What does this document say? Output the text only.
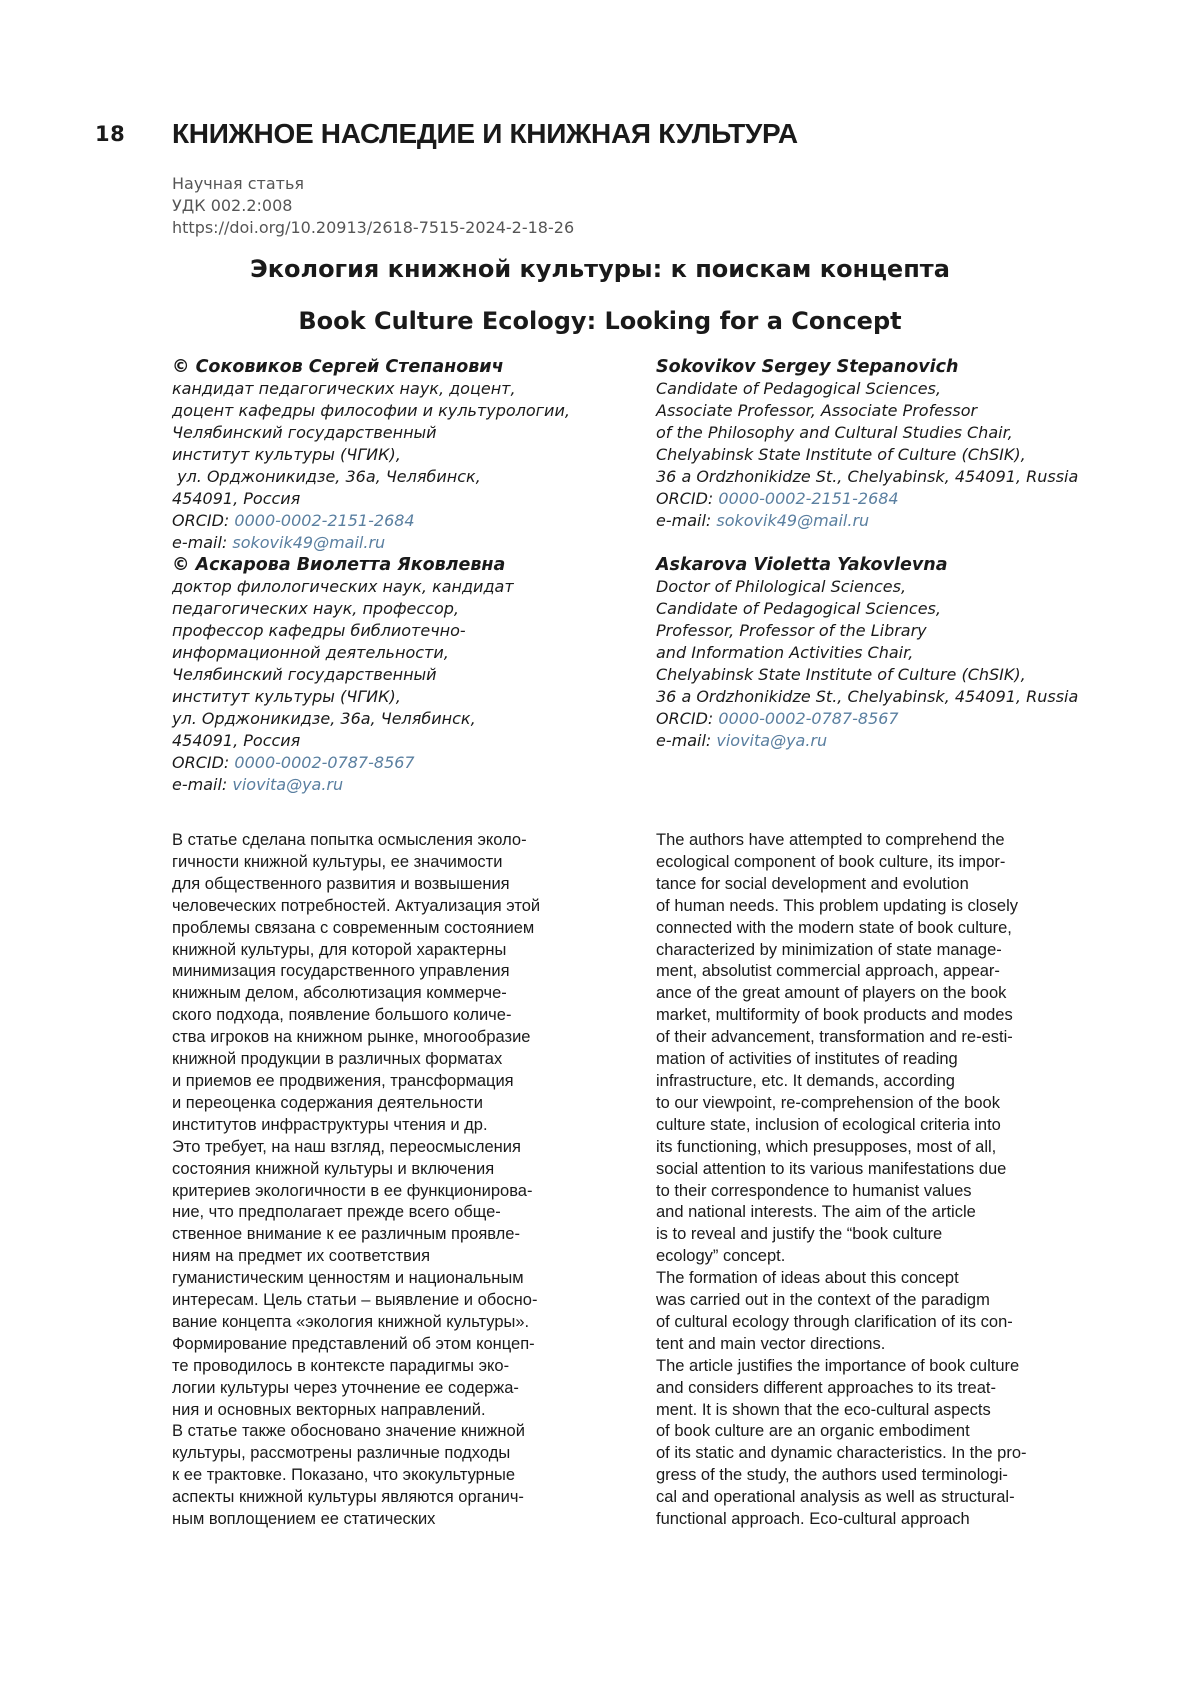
18 КНИЖНОЕ НАСЛЕДИЕ И КНИЖНАЯ КУЛЬТУРА
Научная статья
УДК 002.2:008
https://doi.org/10.20913/2618-7515-2024-2-18-26
Экология книжной культуры: к поискам концепта
Book Culture Ecology: Looking for a Concept
© Соковиков Сергей Степанович
кандидат педагогических наук, доцент,
доцент кафедры философии и культурологии,
Челябинский государственный
институт культуры (ЧГИК),
ул. Орджоникидзе, 36а, Челябинск,
454091, Россия
ORCID: 0000-0002-2151-2684
e-mail: sokovik49@mail.ru
© Аскарова Виолетта Яковлевна
доктор филологических наук, кандидат
педагогических наук, профессор,
профессор кафедры библиотечно-
информационной деятельности,
Челябинский государственный
институт культуры (ЧГИК),
ул. Орджоникидзе, 36а, Челябинск,
454091, Россия
ORCID: 0000-0002-0787-8567
e-mail: viovita@ya.ru
Sokovikov Sergey Stepanovich
Candidate of Pedagogical Sciences,
Associate Professor, Associate Professor
of the Philosophy and Cultural Studies Chair,
Chelyabinsk State Institute of Culture (ChSIK),
36 a Ordzhonikidze St., Chelyabinsk, 454091, Russia
ORCID: 0000-0002-2151-2684
e-mail: sokovik49@mail.ru
Askarova Violetta Yakovlevna
Doctor of Philological Sciences,
Candidate of Pedagogical Sciences,
Professor, Professor of the Library
and Information Activities Chair,
Chelyabinsk State Institute of Culture (ChSIK),
36 a Ordzhonikidze St., Chelyabinsk, 454091, Russia
ORCID: 0000-0002-0787-8567
e-mail: viovita@ya.ru
В статье сделана попытка осмысления эколо-
гичности книжной культуры, ее значимости
для общественного развития и возвышения
человеческих потребностей. Актуализация этой
проблемы связана с современным состоянием
книжной культуры, для которой характерны
минимизация государственного управления
книжным делом, абсолютизация коммерче-
ского подхода, появление большого количе-
ства игроков на книжном рынке, многообразие
книжной продукции в различных форматах
и приемов ее продвижения, трансформация
и переоценка содержания деятельности
институтов инфраструктуры чтения и др.
Это требует, на наш взгляд, переосмысления
состояния книжной культуры и включения
критериев экологичности в ее функционирова-
ние, что предполагает прежде всего обще-
ственное внимание к ее различным проявле-
ниям на предмет их соответствия
гуманистическим ценностям и национальным
интересам. Цель статьи – выявление и обосно-
вание концепта «экология книжной культуры».
Формирование представлений об этом концеп-
те проводилось в контексте парадигмы эко-
логии культуры через уточнение ее содержа-
ния и основных векторных направлений.
В статье также обосновано значение книжной
культуры, рассмотрены различные подходы
к ее трактовке. Показано, что экокультурные
аспекты книжной культуры являются органич-
ным воплощением ее статических
The authors have attempted to comprehend the
ecological component of book culture, its impor-
tance for social development and evolution
of human needs. This problem updating is closely
connected with the modern state of book culture,
characterized by minimization of state manage-
ment, absolutist commercial approach, appear-
ance of the great amount of players on the book
market, multiformity of book products and modes
of their advancement, transformation and re-esti-
mation of activities of institutes of reading
infrastructure, etc. It demands, according
to our viewpoint, re-comprehension of the book
culture state, inclusion of ecological criteria into
its functioning, which presupposes, most of all,
social attention to its various manifestations due
to their correspondence to humanist values
and national interests. The aim of the article
is to reveal and justify the “book culture
ecology” concept.
The formation of ideas about this concept
was carried out in the context of the paradigm
of cultural ecology through clarification of its con-
tent and main vector directions.
The article justifies the importance of book culture
and considers different approaches to its treat-
ment. It is shown that the eco-cultural aspects
of book culture are an organic embodiment
of its static and dynamic characteristics. In the pro-
gress of the study, the authors used terminologi-
cal and operational analysis as well as structural-
functional approach. Eco-cultural approach
